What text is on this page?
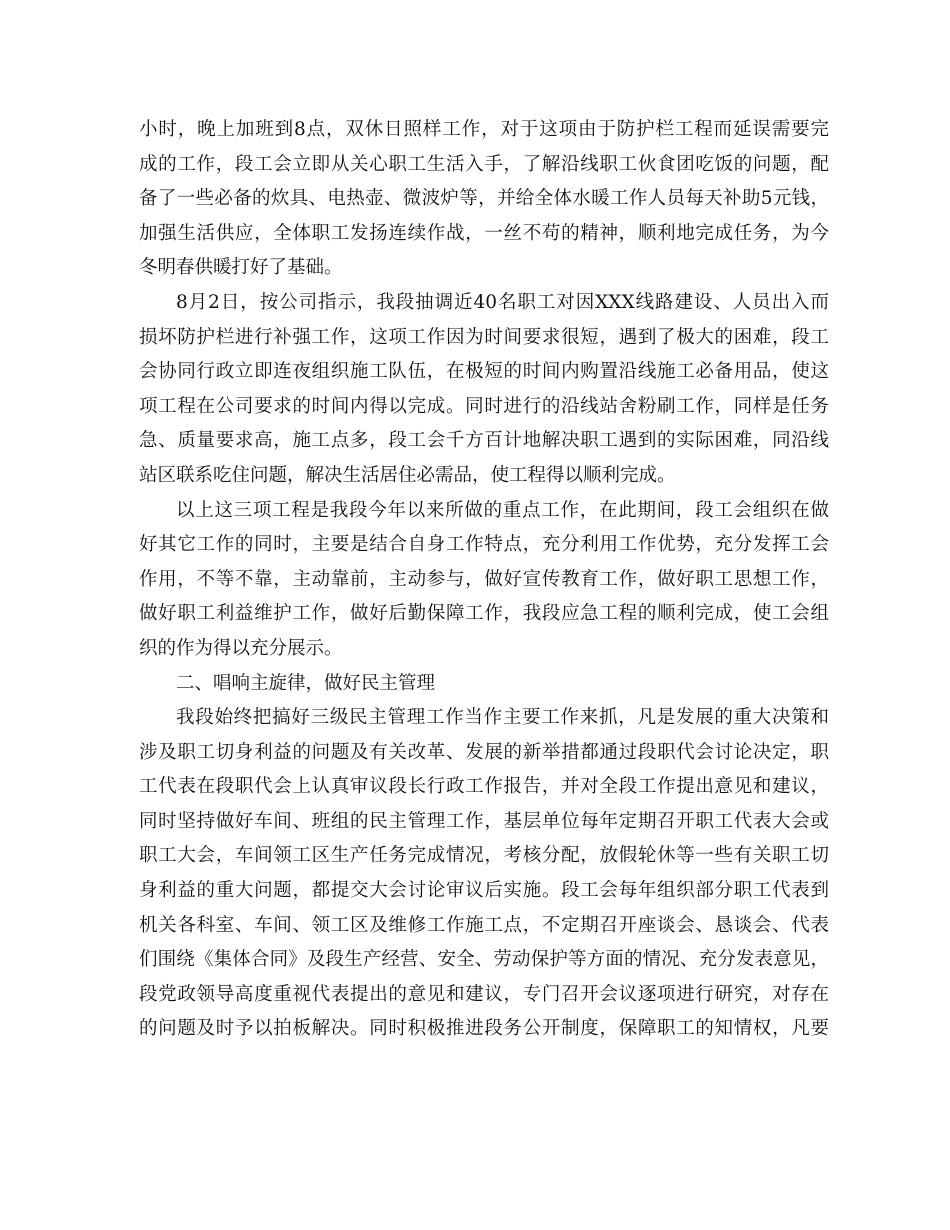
小时，晚上加班到8点，双休日照样工作，对于这项由于防护栏工程而延误需要完
成的工作，段工会立即从关心职工生活入手，了解沿线职工伙食团吃饭的问题，配
备了一些必备的炊具、电热壶、微波炉等，并给全体水暖工作人员每天补助5元钱，
加强生活供应，全体职工发扬连续作战，一丝不苟的精神，顺利地完成任务，为今
冬明春供暖打好了基础。
8月2日，按公司指示，我段抽调近40名职工对因XXX线路建设、人员出入而
损坏防护栏进行补强工作，这项工作因为时间要求很短，遇到了极大的困难，段工
会协同行政立即连夜组织施工队伍，在极短的时间内购置沿线施工必备用品，使这
项工程在公司要求的时间内得以完成。同时进行的沿线站舍粉刷工作，同样是任务
急、质量要求高，施工点多，段工会千方百计地解决职工遇到的实际困难，同沿线
站区联系吃住问题，解决生活居住必需品，使工程得以顺利完成。
以上这三项工程是我段今年以来所做的重点工作，在此期间，段工会组织在做
好其它工作的同时，主要是结合自身工作特点，充分利用工作优势，充分发挥工会
作用，不等不靠，主动靠前，主动参与，做好宣传教育工作，做好职工思想工作，
做好职工利益维护工作，做好后勤保障工作，我段应急工程的顺利完成，使工会组
织的作为得以充分展示。
二、唱响主旋律，做好民主管理
我段始终把搞好三级民主管理工作当作主要工作来抓，凡是发展的重大决策和
涉及职工切身利益的问题及有关改革、发展的新举措都通过段职代会讨论决定，职
工代表在段职代会上认真审议段长行政工作报告，并对全段工作提出意见和建议，
同时坚持做好车间、班组的民主管理工作，基层单位每年定期召开职工代表大会或
职工大会，车间领工区生产任务完成情况，考核分配，放假轮休等一些有关职工切
身利益的重大问题，都提交大会讨论审议后实施。段工会每年组织部分职工代表到
机关各科室、车间、领工区及维修工作施工点，不定期召开座谈会、恳谈会、代表
们围绕《集体合同》及段生产经营、安全、劳动保护等方面的情况、充分发表意见，
段党政领导高度重视代表提出的意见和建议，专门召开会议逐项进行研究，对存在
的问题及时予以拍板解决。同时积极推进段务公开制度，保障职工的知情权，凡要
